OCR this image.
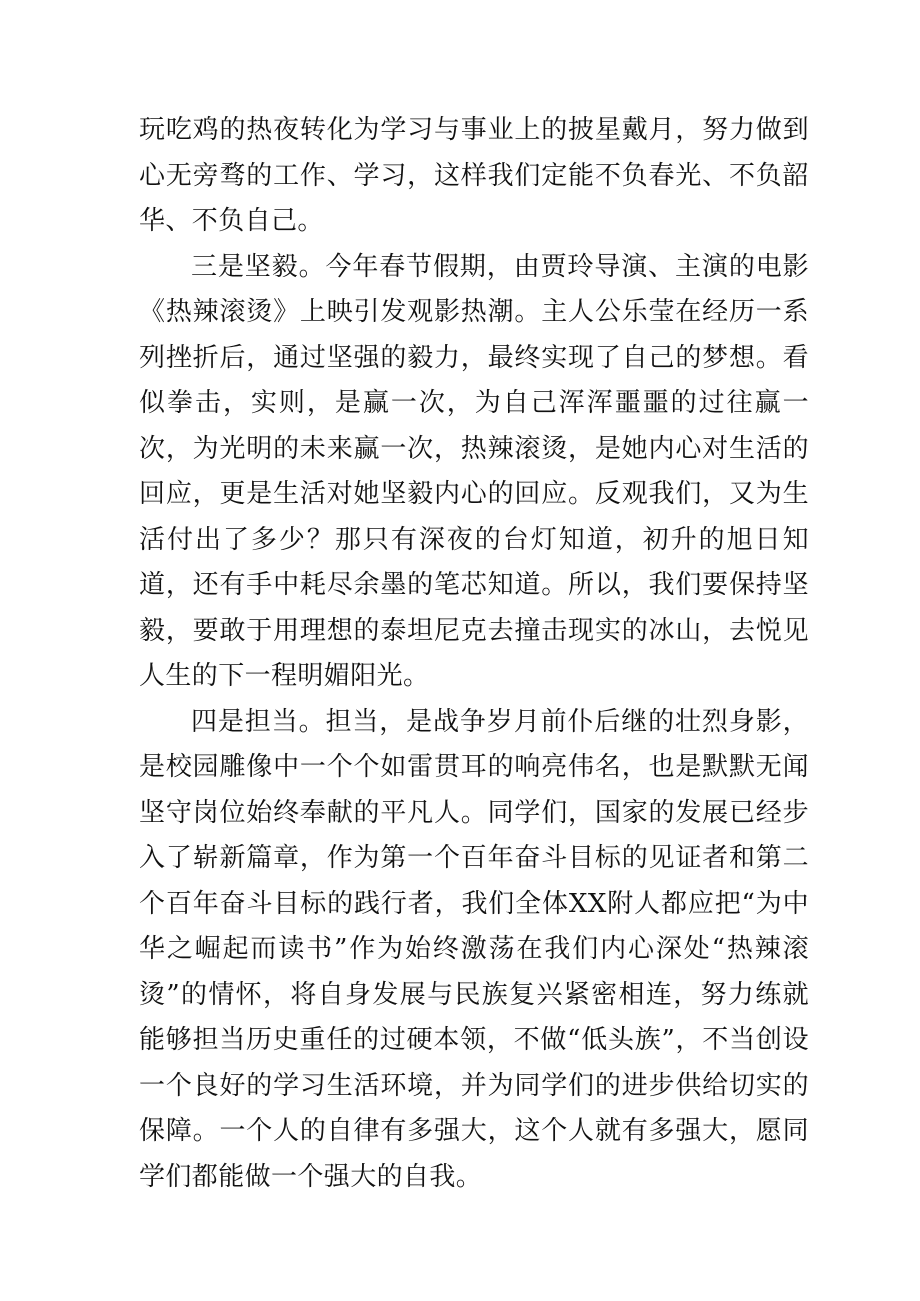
玩吃鸡的热夜转化为学习与事业上的披星戴月，努力做到心无旁骛的工作、学习，这样我们定能不负春光、不负韶华、不负自己。

三是坚毅。今年春节假期，由贾玲导演、主演的电影《热辣滚烫》上映引发观影热潮。主人公乐莹在经历一系列挫折后，通过坚强的毅力，最终实现了自己的梦想。看似拳击，实则，是赢一次，为自己浑浑噩噩的过往赢一次，为光明的未来赢一次，热辣滚烫，是她内心对生活的回应，更是生活对她坚毅内心的回应。反观我们，又为生活付出了多少？那只有深夜的台灯知道，初升的旭日知道，还有手中耗尽余墨的笔芯知道。所以，我们要保持坚毅，要敢于用理想的泰坦尼克去撞击现实的冰山，去悦见人生的下一程明媚阳光。

四是担当。担当，是战争岁月前仆后继的壮烈身影，是校园雕像中一个个如雷贯耳的响亮伟名，也是默默无闻坚守岗位始终奉献的平凡人。同学们，国家的发展已经步入了崭新篇章，作为第一个百年奋斗目标的见证者和第二个百年奋斗目标的践行者，我们全体XX附人都应把“为中华之崛起而读书”作为始终激荡在我们内心深处“热辣滚烫”的情怀，将自身发展与民族复兴紧密相连，努力练就能够担当历史重任的过硬本领，不做“低头族”，不当创设一个良好的学习生活环境，并为同学们的进步供给切实的保障。一个人的自律有多强大，这个人就有多强大，愿同学们都能做一个强大的自我。
